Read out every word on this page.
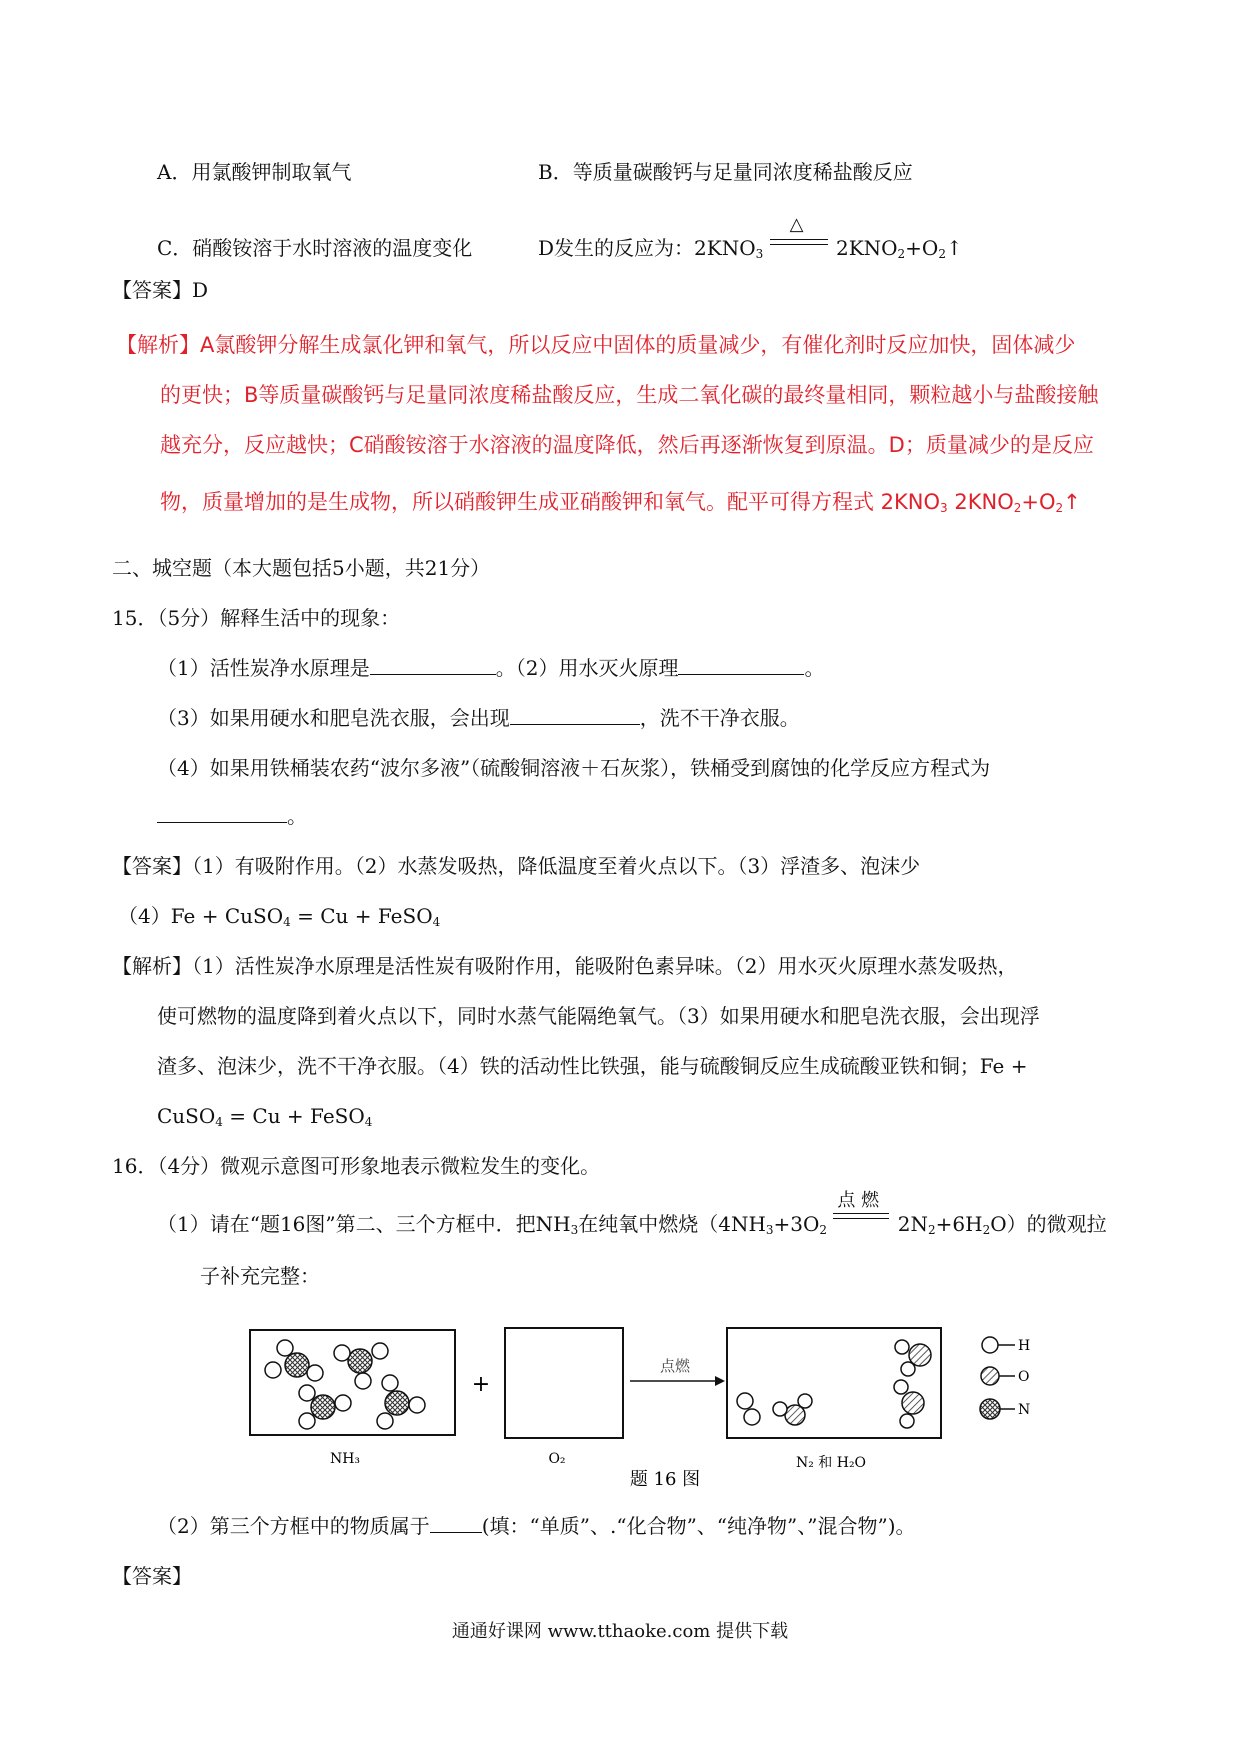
A．用氯酸钾制取氧气	B．等质量碳酸钙与足量同浓度稀盐酸反应
C．硝酸铵溶于水时溶液的温度变化	D发生的反应为：$2KNO_3$
△
$2KNO_2+O_2↑$
【答案】D
【解析】A氯酸钾分解生成氯化钾和氧气，所以反应中固体的质量减少，有催化剂时反应加快，固体减少
的更快；B等质量碳酸钙与足量同浓度稀盐酸反应，生成二氧化碳的最终量相同，颗粒越小与盐酸接触
越充分，反应越快；C硝酸铵溶于水溶液的温度降低，然后再逐渐恢复到原温。D；质量减少的是反应
物，质量增加的是生成物，所以硝酸钾生成亚硝酸钾和氧气。配平可得方程式 $2KNO_3$ $2KNO_2+O_2↑$
二、城空题（本大题包括5小题，共21分）
15．（5分）解释生活中的现象：
（1）活性炭净水原理是	。（2）用水灭火原理	。
（3）如果用硬水和肥皂洗衣服，会出现	，洗不干净衣服。
（4）如果用铁桶装农药“波尔多液”（硫酸铜溶液＋石灰浆），铁桶受到腐蚀的化学反应方程式为
。
【答案】（1）有吸附作用。（2）水蒸发吸热，降低温度至着火点以下。（3）浮渣多、泡沫少
（4）Fe + CuSO$_4$ = Cu + FeSO$_4$
【解析】（1）活性炭净水原理是活性炭有吸附作用，能吸附色素异味。（2）用水灭火原理水蒸发吸热，
使可燃物的温度降到着火点以下，同时水蒸气能隔绝氧气。（3）如果用硬水和肥皂洗衣服，会出现浮
渣多、泡沫少，洗不干净衣服。（4）铁的活动性比铁强，能与硫酸铜反应生成硫酸亚铁和铜；Fe +
CuSO$_4$ = Cu + FeSO$_4$
16．（4分）微观示意图可形象地表示微粒发生的变化。
（1）请在“题16图”第二、三个方框中．把$NH_3$在纯氧中燃烧（$4NH_3+3O_2$
点 燃
$2N_2+6H_2O$）的微观拉
子补充完整：
NH₃
+
O₂
点燃
N₂ 和 H₂O
H
O
N
题 16 图
（2）第三个方框中的物质属于	(填：“单质”、.“化合物”、“纯净物”、”混合物”)。
【答案】
通通好课网 www.tthaoke.com 提供下载
